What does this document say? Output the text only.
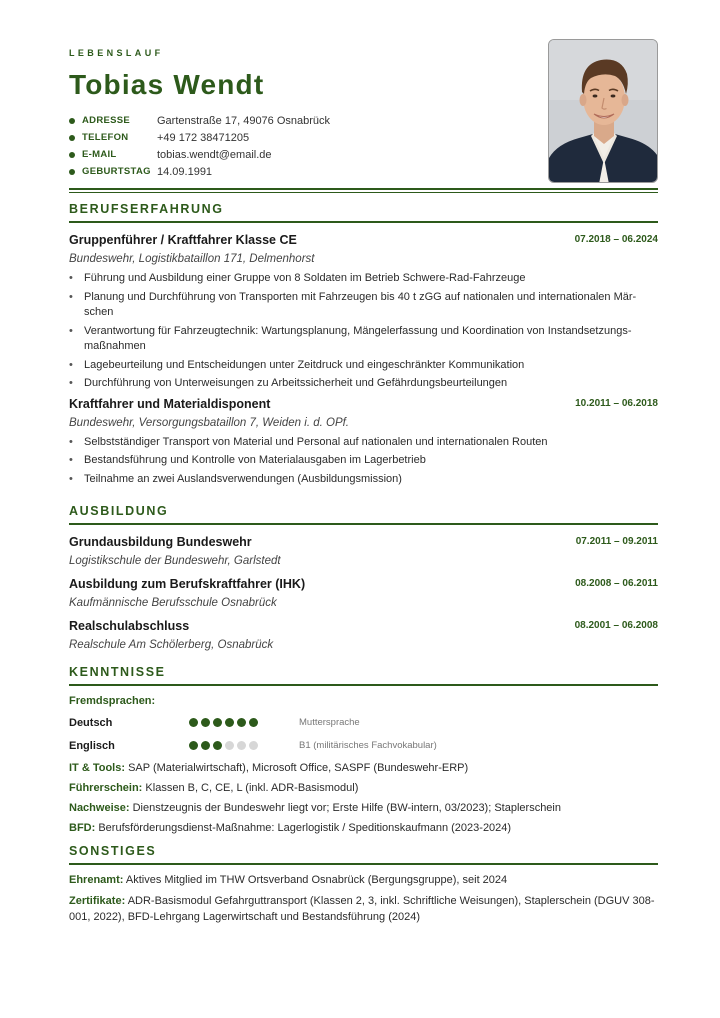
LEBENSLAUF
Tobias Wendt
ADRESSE	Gartenstraße 17, 49076 Osnabrück
TELEFON	+49 172 38471205
E-MAIL	tobias.wendt@email.de
GEBURTSTAG 14.09.1991
BERUFSERFAHRUNG
Gruppenführer / Kraftfahrer Klasse CE	07.2018 – 06.2024
Bundeswehr, Logistikbataillon 171, Delmenhorst
• Führung und Ausbildung einer Gruppe von 8 Soldaten im Betrieb Schwere-Rad-Fahrzeuge
• Planung und Durchführung von Transporten mit Fahrzeugen bis 40 t zGG auf nationalen und internationalen Märschen
• Verantwortung für Fahrzeugtechnik: Wartungsplanung, Mängelerfassung und Koordination von Instandsetzungsmaßnahmen
• Lagebeurteilung und Entscheidungen unter Zeitdruck und eingeschränkter Kommunikation
• Durchführung von Unterweisungen zu Arbeitssicherheit und Gefährdungsbeurteilungen
Kraftfahrer und Materialdisponent	10.2011 – 06.2018
Bundeswehr, Versorgungsbataillon 7, Weiden i. d. OPf.
• Selbstständiger Transport von Material und Personal auf nationalen und internationalen Routen
• Bestandsführung und Kontrolle von Materialausgaben im Lagerbetrieb
• Teilnahme an zwei Auslandsverwendungen (Ausbildungsmission)
AUSBILDUNG
Grundausbildung Bundeswehr	07.2011 – 09.2011
Logistikschule der Bundeswehr, Garlstedt
Ausbildung zum Berufskraftfahrer (IHK)	08.2008 – 06.2011
Kaufmännische Berufsschule Osnabrück
Realschulabschluss	08.2001 – 06.2008
Realschule Am Schölerberg, Osnabrück
KENNTNISSE
Fremdsprachen:
Deutsch	Muttersprache
Englisch	B1 (militärisches Fachvokabular)
IT & Tools: SAP (Materialwirtschaft), Microsoft Office, SASPF (Bundeswehr-ERP)
Führerschein: Klassen B, C, CE, L (inkl. ADR-Basismodul)
Nachweise: Dienstzeugnis der Bundeswehr liegt vor; Erste Hilfe (BW-intern, 03/2023); Staplerschein
BFD: Berufsförderungsdienst-Maßnahme: Lagerlogistik / Speditionskaufmann (2023-2024)
SONSTIGES
Ehrenamt: Aktives Mitglied im THW Ortsverband Osnabrück (Bergungsgruppe), seit 2024
Zertifikate: ADR-Basismodul Gefahrguttransport (Klassen 2, 3, inkl. Schriftliche Weisungen), Staplerschein (DGUV 308-001, 2022), BFD-Lehrgang Lagerwirtschaft und Bestandsführung (2024)
